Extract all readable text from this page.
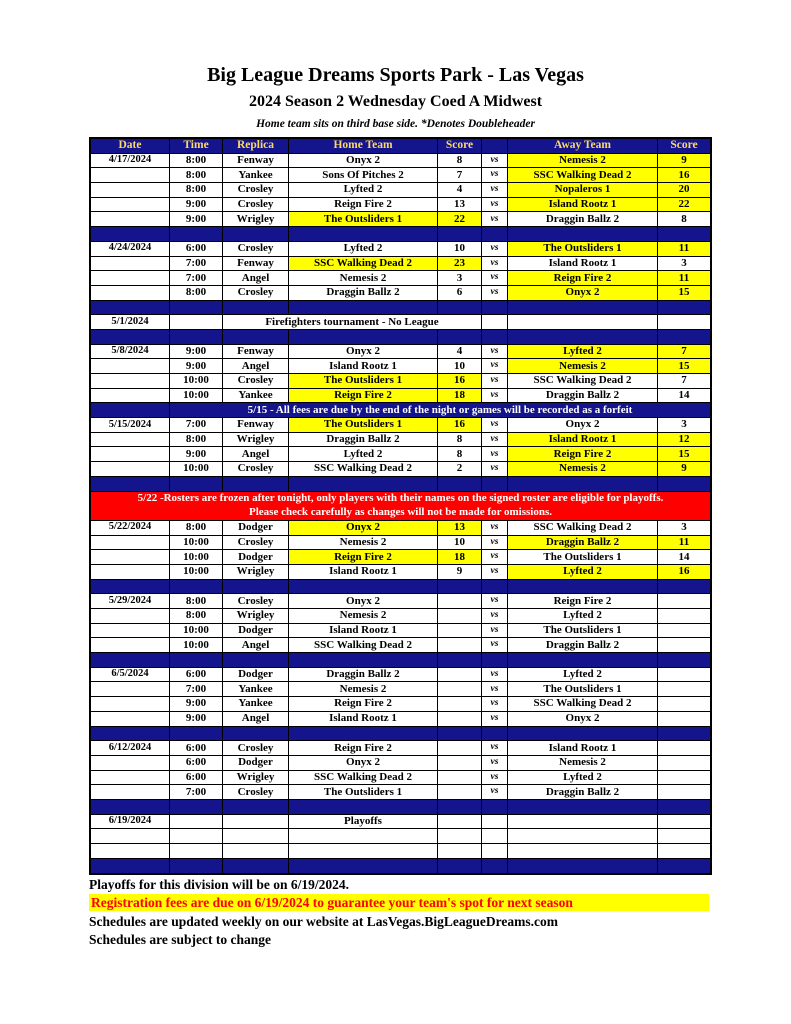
Big League Dreams Sports Park - Las Vegas
2024 Season 2 Wednesday Coed A Midwest
Home team sits on third base side. *Denotes Doubleheader
Date	Time	Replica	Home Team	Score	Away Team	Score
4/17/2024	8:00	Fenway	Onyx 2	8	vs	Nemesis 2	9
8:00	Yankee	Sons Of Pitches 2	7	vs	SSC Walking Dead 2	16
8:00	Crosley	Lyfted 2	4	vs	Nopaleros 1	20
9:00	Crosley	Reign Fire 2	13	vs	Island Rootz 1	22
9:00	Wrigley	The Outsliders 1	22	vs	Draggin Ballz 2	8
4/24/2024	6:00	Crosley	Lyfted 2	10	vs	The Outsliders 1	11
7:00	Fenway	SSC Walking Dead 2	23	vs	Island Rootz 1	3
7:00	Angel	Nemesis 2	3	vs	Reign Fire 2	11
8:00	Crosley	Draggin Ballz 2	6	vs	Onyx 2	15
5/1/2024	Firefighters tournament - No League
5/8/2024	9:00	Fenway	Onyx 2	4	vs	Lyfted 2	7
9:00	Angel	Island Rootz 1	10	vs	Nemesis 2	15
10:00	Crosley	The Outsliders 1	16	vs	SSC Walking Dead 2	7
10:00	Yankee	Reign Fire 2	18	vs	Draggin Ballz 2	14
5/15 - All fees are due by the end of the night or games will be recorded as a forfeit
5/15/2024	7:00	Fenway	The Outsliders 1	16	vs	Onyx 2	3
8:00	Wrigley	Draggin Ballz 2	8	vs	Island Rootz 1	12
9:00	Angel	Lyfted 2	8	vs	Reign Fire 2	15
10:00	Crosley	SSC Walking Dead 2	2	vs	Nemesis 2	9
5/22 -Rosters are frozen after tonight, only players with their names on the signed roster are eligible for playoffs.
Please check carefully as changes will not be made for omissions.
5/22/2024	8:00	Dodger	Onyx 2	13	vs	SSC Walking Dead 2	3
10:00	Crosley	Nemesis 2	10	vs	Draggin Ballz 2	11
10:00	Dodger	Reign Fire 2	18	vs	The Outsliders 1	14
10:00	Wrigley	Island Rootz 1	9	vs	Lyfted 2	16
5/29/2024	8:00	Crosley	Onyx 2	vs	Reign Fire 2
8:00	Wrigley	Nemesis 2	vs	Lyfted 2
10:00	Dodger	Island Rootz 1	vs	The Outsliders 1
10:00	Angel	SSC Walking Dead 2	vs	Draggin Ballz 2
6/5/2024	6:00	Dodger	Draggin Ballz 2	vs	Lyfted 2
7:00	Yankee	Nemesis 2	vs	The Outsliders 1
9:00	Yankee	Reign Fire 2	vs	SSC Walking Dead 2
9:00	Angel	Island Rootz 1	vs	Onyx 2
6/12/2024	6:00	Crosley	Reign Fire 2	vs	Island Rootz 1
6:00	Dodger	Onyx 2	vs	Nemesis 2
6:00	Wrigley	SSC Walking Dead 2	vs	Lyfted 2
7:00	Crosley	The Outsliders 1	vs	Draggin Ballz 2
6/19/2024	Playoffs
Playoffs for this division will be on 6/19/2024.
Registration fees are due on 6/19/2024 to guarantee your team's spot for next season
Schedules are updated weekly on our website at LasVegas.BigLeagueDreams.com
Schedules are subject to change
